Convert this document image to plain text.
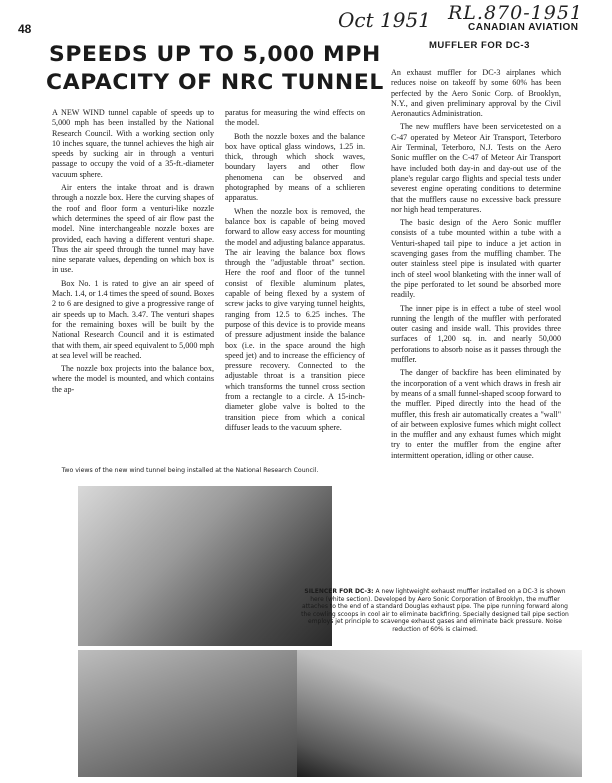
48	Oct 1951 RL.870-1951
CANADIAN AVIATION
SPEEDS UP TO 5,000 MPH CAPACITY OF NRC TUNNEL

A NEW WIND tunnel capable of speeds up to 5,000 mph has been installed by the National Research Council. With a working section only 10 inches square, the tunnel achieves the high air speeds by sucking air in through a venturi passage to occupy the void of a 35-ft.-diameter vacuum sphere.

Air enters the intake throat and is drawn through a nozzle box. Here the curving shapes of the roof and floor form a venturi-like nozzle which determines the speed of air flow past the model. Nine interchangeable nozzle boxes are provided, each having a different venturi shape. Thus the air speed through the tunnel may have nine separate values, depending on which box is in use.

Box No. 1 is rated to give an air speed of Mach. 1.4, or 1.4 times the speed of sound. Boxes 2 to 6 are designed to give a progressive range of air speeds up to Mach. 3.47. The venturi shapes for the remaining boxes will be built by the National Research Council and it is estimated that with them, air speed equivalent to 5,000 mph at sea level will be reached.

The nozzle box projects into the balance box, where the model is mounted, and which contains the ap-

paratus for measuring the wind effects on the model.

Both the nozzle boxes and the balance box have optical glass windows, 1.25 in. thick, through which shock waves, boundary layers and other flow phenomena can be observed and photographed by means of a schlieren apparatus.

When the nozzle box is removed, the balance box is capable of being moved forward to allow easy access for mounting the model and adjusting balance apparatus. The air leaving the balance box flows through the "adjustable throat" section. Here the roof and floor of the tunnel consist of flexible aluminum plates, capable of being flexed by a system of screw jacks to give varying tunnel heights, ranging from 12.5 to 6.25 inches. The purpose of this device is to provide means of pressure adjustment inside the balance box (i.e. in the space around the high speed jet) and to increase the efficiency of pressure recovery. Connected to the adjustable throat is a transition piece which transforms the tunnel cross section from a rectangle to a circle. A 15-inch-diameter globe valve is bolted to the transition piece from which a conical diffuser leads to the vacuum sphere.

MUFFLER FOR DC-3

An exhaust muffler for DC-3 airplanes which reduces noise on takeoff by some 60% has been perfected by the Aero Sonic Corp. of Brooklyn, N.Y., and given preliminary approval by the Civil Aeronautics Administration.

The new mufflers have been servicetested on a C-47 operated by Meteor Air Transport, Teterboro Air Terminal, Teterboro, N.J. Tests on the Aero Sonic muffler on the C-47 of Meteor Air Transport have included both day-in and day-out use of the plane's regular cargo flights and special tests under severest engine operating conditions to determine that the mufflers cause no excessive back pressure nor high head temperatures.

The basic design of the Aero Sonic muffler consists of a tube mounted within a tube with a Venturi-shaped tail pipe to induce a jet action in scavenging gases from the muffling chamber. The outer stainless steel pipe is insulated with quarter inch of steel wool blanketing with the inner wall of the pipe perforated to let sound be absorbed more readily.

The inner pipe is in effect a tube of steel wool running the length of the muffler with perforated outer casing and inside wall. This provides three surfaces of 1,200 sq. in. and nearly 50,000 perforations to absorb noise as it passes through the muffler.

The danger of backfire has been eliminated by the incorporation of a vent which draws in fresh air by means of a small funnel-shaped scoop forward to the muffler. Piped directly into the head of the muffler, this fresh air automatically creates a "wall" of air between explosive fumes which might collect in the muffler and any exhaust fumes which might try to enter the muffler from the engine after intermittent operation, idling or other cause.

Two views of the new wind tunnel being installed at the National Research Council.
SILENCER FOR DC-3: A new lightweight exhaust muffler installed on a DC-3 is shown here (white section). Developed by Aero Sonic Corporation of Brooklyn, the muffler attaches to the end of a standard Douglas exhaust pipe. The pipe running forward along the cowling scoops in cool air to eliminate backfiring. Specially designed tail pipe section employs jet principle to scavenge exhaust gases and eliminate back pressure. Noise reduction of 60% is claimed.
